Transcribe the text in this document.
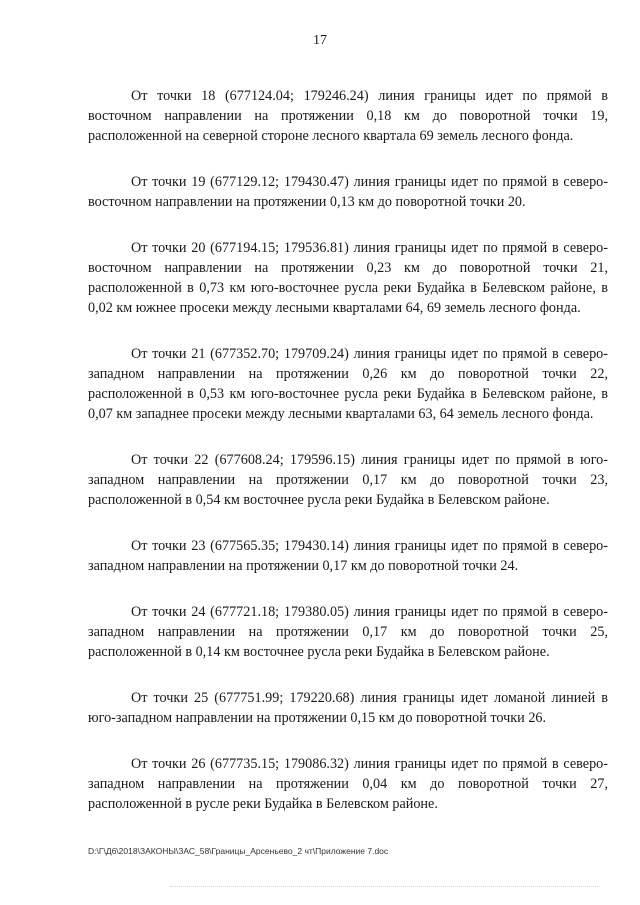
17

От точки 18 (677124.04; 179246.24) линия границы идет по прямой в восточном направлении на протяжении 0,18 км до поворотной точки 19, расположенной на северной стороне лесного квартала 69 земель лесного фонда.

От точки 19 (677129.12; 179430.47) линия границы идет по прямой в северо-восточном направлении на протяжении 0,13 км до поворотной точки 20.

От точки 20 (677194.15; 179536.81) линия границы идет по прямой в северо-восточном направлении на протяжении 0,23 км до поворотной точки 21, расположенной в 0,73 км юго-восточнее русла реки Будайка в Белевском районе, в 0,02 км южнее просеки между лесными кварталами 64, 69 земель лесного фонда.

От точки 21 (677352.70; 179709.24) линия границы идет по прямой в северо-западном направлении на протяжении 0,26 км до поворотной точки 22, расположенной в 0,53 км юго-восточнее русла реки Будайка в Белевском районе, в 0,07 км западнее просеки между лесными кварталами 63, 64 земель лесного фонда.

От точки 22 (677608.24; 179596.15) линия границы идет по прямой в юго-западном направлении на протяжении 0,17 км до поворотной точки 23, расположенной в 0,54 км восточнее русла реки Будайка в Белевском районе.

От точки 23 (677565.35; 179430.14) линия границы идет по прямой в северо-западном направлении на протяжении 0,17 км до поворотной точки 24.

От точки 24 (677721.18; 179380.05) линия границы идет по прямой в северо-западном направлении на протяжении 0,17 км до поворотной точки 25, расположенной в 0,14 км восточнее русла реки Будайка в Белевском районе.

От точки 25 (677751.99; 179220.68) линия границы идет ломаной линией в юго-западном направлении на протяжении 0,15 км до поворотной точки 26.

От точки 26 (677735.15; 179086.32) линия границы идет по прямой в северо-западном направлении на протяжении 0,04 км до поворотной точки 27, расположенной в русле реки Будайка в Белевском районе.

D:\Г\Д6\2018\ЗАКОНЫ\ЗАС_58\Границы_Арсеньево_2 чт\Приложение 7.doc
